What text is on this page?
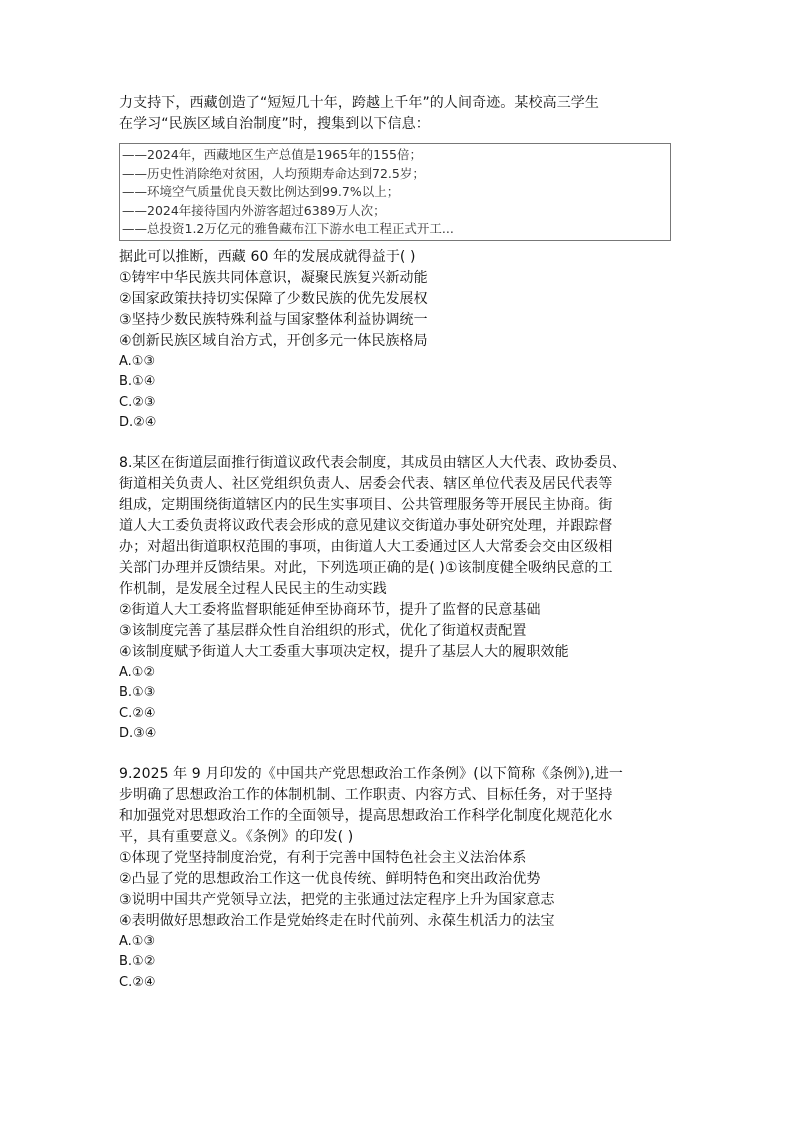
力支持下，西藏创造了“短短几十年，跨越上千年”的人间奇迹。某校高三学生
在学习“民族区域自治制度”时，搜集到以下信息：
——2024年，西藏地区生产总值是1965年的155倍；
——历史性消除绝对贫困，人均预期寿命达到72.5岁；
——环境空气质量优良天数比例达到99.7%以上；
——2024年接待国内外游客超过6389万人次；
——总投资1.2万亿元的雅鲁藏布江下游水电工程正式开工...
据此可以推断，西藏 60 年的发展成就得益于( )
①铸牢中华民族共同体意识，凝聚民族复兴新动能
②国家政策扶持切实保障了少数民族的优先发展权
③坚持少数民族特殊利益与国家整体利益协调统一
④创新民族区域自治方式，开创多元一体民族格局
A.①③
B.①④
C.②③
D.②④
8.某区在街道层面推行街道议政代表会制度，其成员由辖区人大代表、政协委员、
街道相关负责人、社区党组织负责人、居委会代表、辖区单位代表及居民代表等
组成，定期围绕街道辖区内的民生实事项目、公共管理服务等开展民主协商。街
道人大工委负责将议政代表会形成的意见建议交街道办事处研究处理，并跟踪督
办；对超出街道职权范围的事项，由街道人大工委通过区人大常委会交由区级相
关部门办理并反馈结果。对此，下列选项正确的是( )①该制度健全吸纳民意的工
作机制，是发展全过程人民民主的生动实践
②街道人大工委将监督职能延伸至协商环节，提升了监督的民意基础
③该制度完善了基层群众性自治组织的形式，优化了街道权责配置
④该制度赋予街道人大工委重大事项决定权，提升了基层人大的履职效能
A.①②
B.①③
C.②④
D.③④
9.2025 年 9 月印发的《中国共产党思想政治工作条例》(以下简称《条例》),进一
步明确了思想政治工作的体制机制、工作职责、内容方式、目标任务，对于坚持
和加强党对思想政治工作的全面领导，提高思想政治工作科学化制度化规范化水
平，具有重要意义。《条例》的印发( )
①体现了党坚持制度治党，有利于完善中国特色社会主义法治体系
②凸显了党的思想政治工作这一优良传统、鲜明特色和突出政治优势
③说明中国共产党领导立法，把党的主张通过法定程序上升为国家意志
④表明做好思想政治工作是党始终走在时代前列、永葆生机活力的法宝
A.①③
B.①②
C.②④
